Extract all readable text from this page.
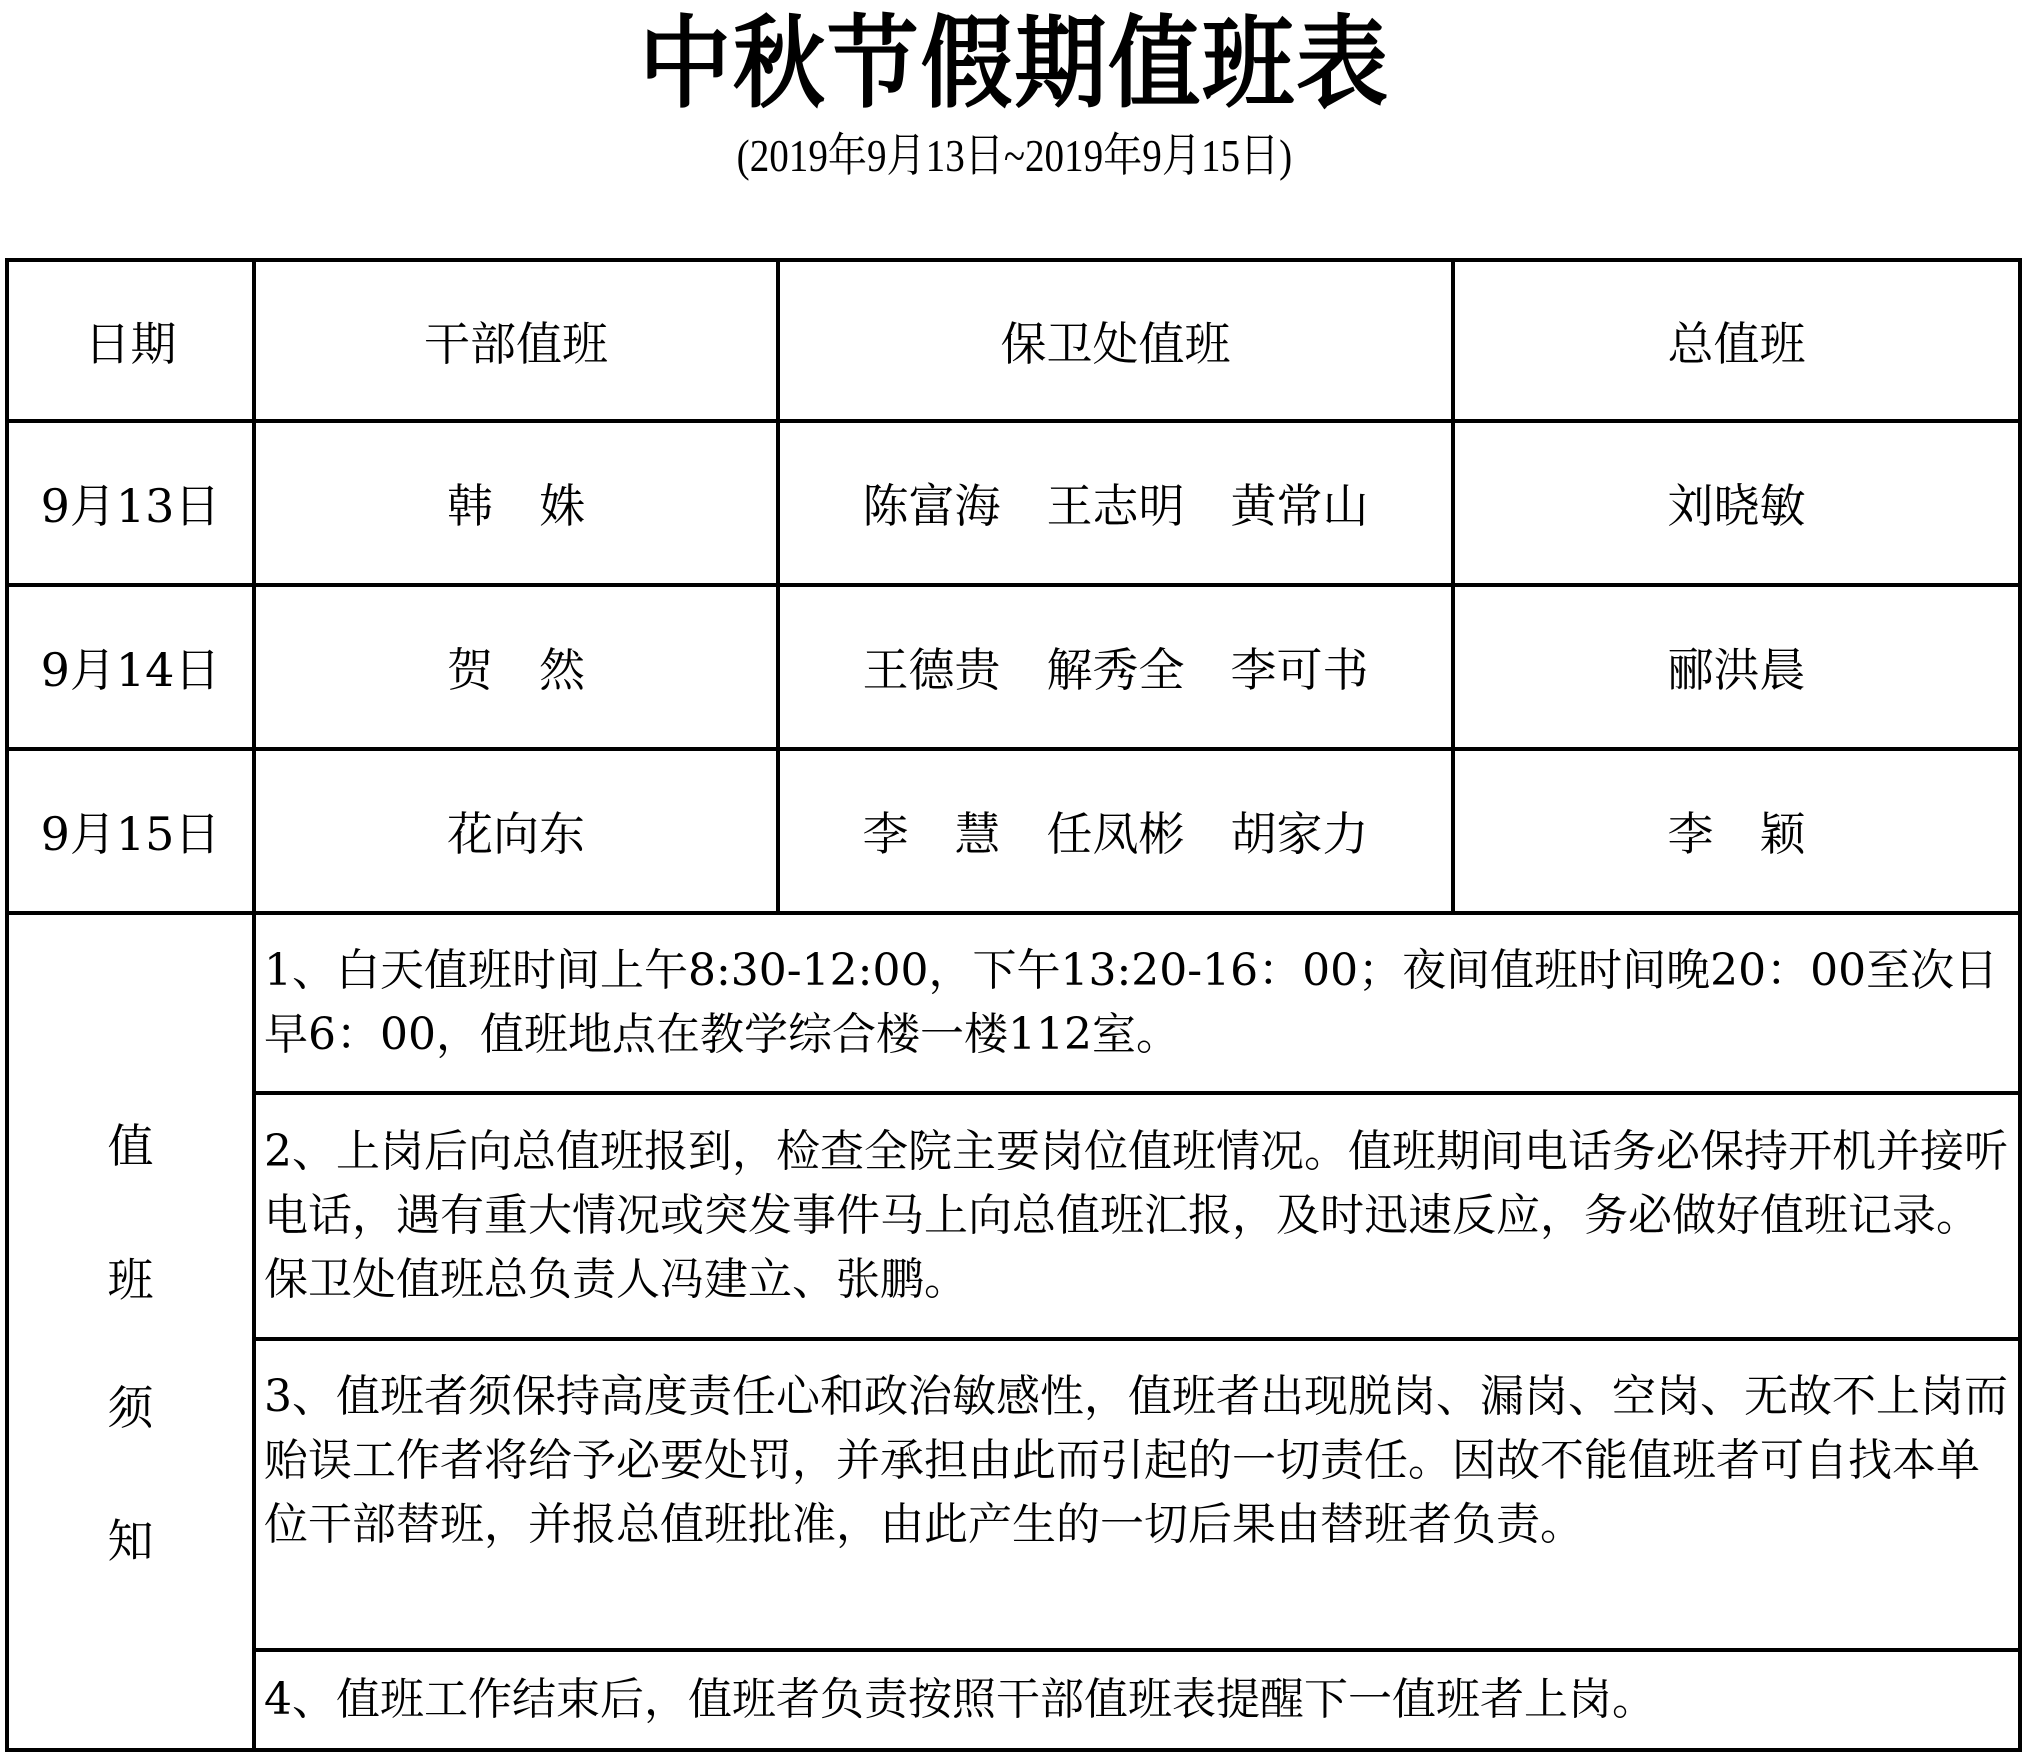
中秋节假期值班表
(2019年9月13日~2019年9月15日)
日期	干部值班	保卫处值班	总值班
9月13日	韩　姝	陈富海　王志明　黄常山	刘晓敏
9月14日	贺　然	王德贵　解秀全　李可书	郦洪晨
9月15日	花向东	李　慧　任凤彬　胡家力	李　颖
值
班
须
知
1、白天值班时间上午8:30-12:00，下午13:20-16：00；夜间值班时间晚20：00至次日早6：00，值班地点在教学综合楼一楼112室。
2、上岗后向总值班报到，检查全院主要岗位值班情况。值班期间电话务必保持开机并接听电话，遇有重大情况或突发事件马上向总值班汇报，及时迅速反应，务必做好值班记录。保卫处值班总负责人冯建立、张鹏。
3、值班者须保持高度责任心和政治敏感性，值班者出现脱岗、漏岗、空岗、无故不上岗而贻误工作者将给予必要处罚，并承担由此而引起的一切责任。因故不能值班者可自找本单位干部替班，并报总值班批准，由此产生的一切后果由替班者负责。
4、值班工作结束后，值班者负责按照干部值班表提醒下一值班者上岗。
